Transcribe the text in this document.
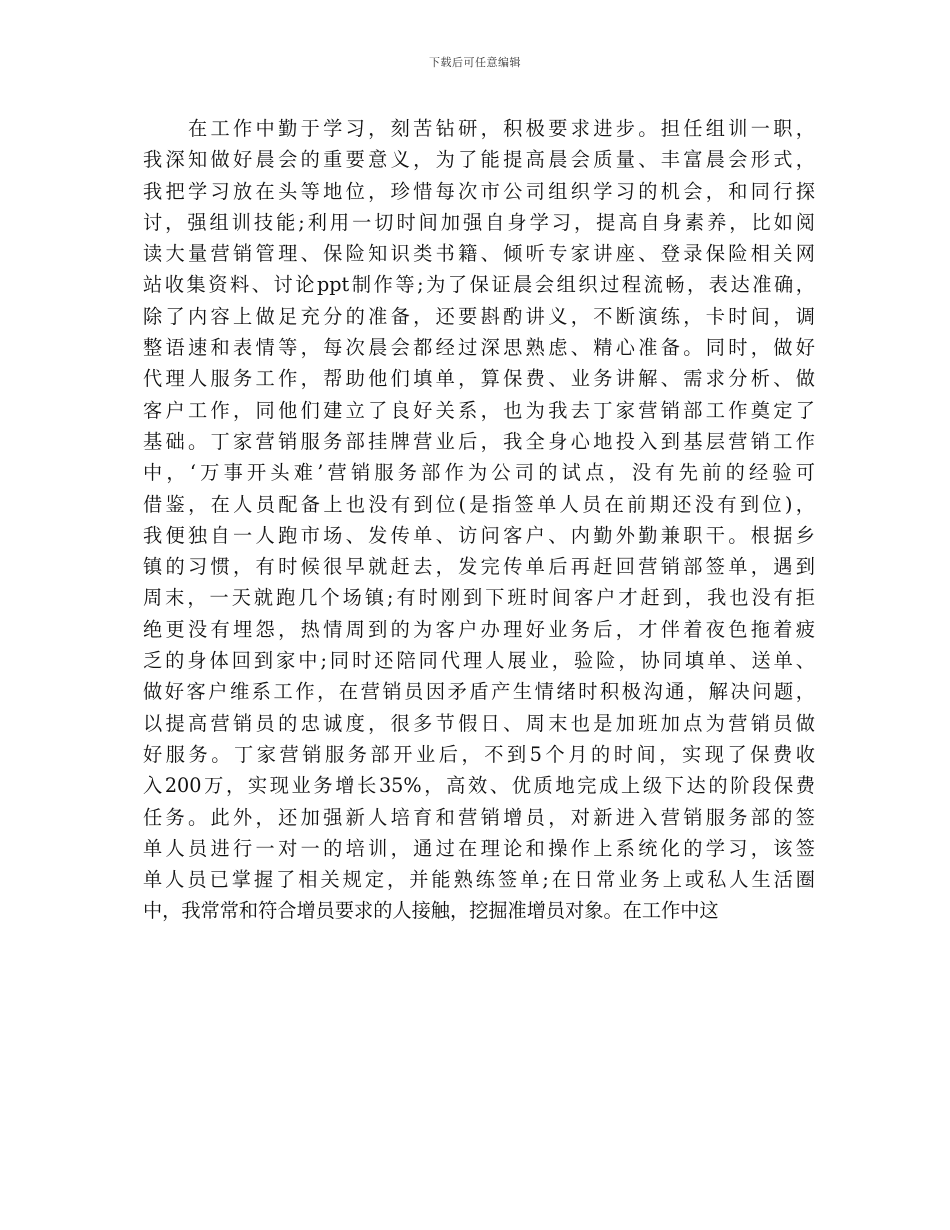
下载后可任意编辑
　　在工作中勤于学习，刻苦钻研，积极要求进步。担任组训一职，
我深知做好晨会的重要意义，为了能提高晨会质量、丰富晨会形式，
我把学习放在头等地位，珍惜每次市公司组织学习的机会，和同行探
讨，强组训技能;利用一切时间加强自身学习，提高自身素养，比如阅
读大量营销管理、保险知识类书籍、倾听专家讲座、登录保险相关网
站收集资料、讨论ppt制作等;为了保证晨会组织过程流畅，表达准确，
除了内容上做足充分的准备，还要斟酌讲义，不断演练，卡时间，调
整语速和表情等，每次晨会都经过深思熟虑、精心准备。同时，做好
代理人服务工作，帮助他们填单，算保费、业务讲解、需求分析、做
客户工作，同他们建立了良好关系，也为我去丁家营销部工作奠定了
基础。丁家营销服务部挂牌营业后，我全身心地投入到基层营销工作
中，‘万事开头难’营销服务部作为公司的试点，没有先前的经验可
借鉴，在人员配备上也没有到位(是指签单人员在前期还没有到位)，
我便独自一人跑市场、发传单、访问客户、内勤外勤兼职干。根据乡
镇的习惯，有时候很早就赶去，发完传单后再赶回营销部签单，遇到
周末，一天就跑几个场镇;有时刚到下班时间客户才赶到，我也没有拒
绝更没有埋怨，热情周到的为客户办理好业务后，才伴着夜色拖着疲
乏的身体回到家中;同时还陪同代理人展业，验险，协同填单、送单、
做好客户维系工作，在营销员因矛盾产生情绪时积极沟通，解决问题，
以提高营销员的忠诚度，很多节假日、周末也是加班加点为营销员做
好服务。丁家营销服务部开业后，不到5个月的时间，实现了保费收
入200万，实现业务增长35%，高效、优质地完成上级下达的阶段保费
任务。此外，还加强新人培育和营销增员，对新进入营销服务部的签
单人员进行一对一的培训，通过在理论和操作上系统化的学习，该签
单人员已掌握了相关规定，并能熟练签单;在日常业务上或私人生活圈
中，我常常和符合增员要求的人接触，挖掘准增员对象。在工作中这
